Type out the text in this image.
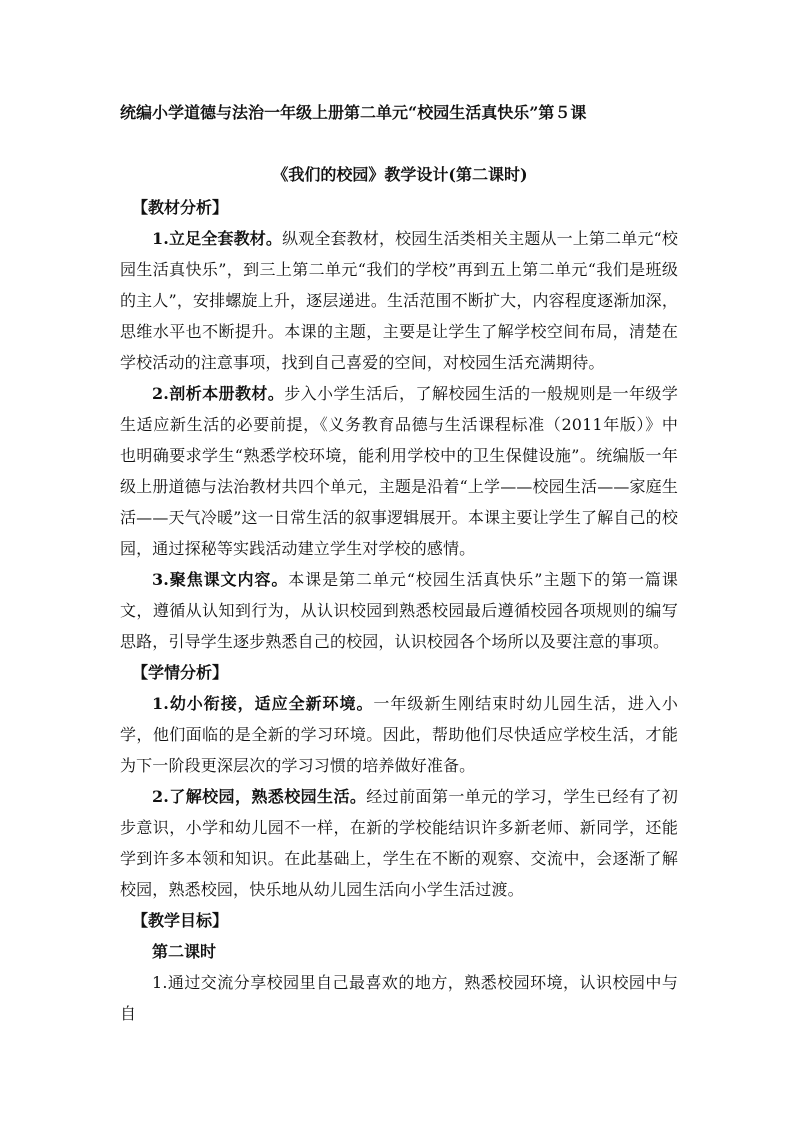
统编小学道德与法治一年级上册第二单元“校园生活真快乐”第５课
《我们的校园》教学设计(第二课时)

【教材分析】

1.立足全套教材。纵观全套教材，校园生活类相关主题从一上第二单元“校园生活真快乐”，到三上第二单元“我们的学校”再到五上第二单元“我们是班级的主人”，安排螺旋上升，逐层递进。生活范围不断扩大，内容程度逐渐加深，思维水平也不断提升。本课的主题，主要是让学生了解学校空间布局，清楚在学校活动的注意事项，找到自己喜爱的空间，对校园生活充满期待。

2.剖析本册教材。步入小学生活后，了解校园生活的一般规则是一年级学生适应新生活的必要前提，《义务教育品德与生活课程标准（2011年版）》中也明确要求学生“熟悉学校环境，能利用学校中的卫生保健设施”。统编版一年级上册道德与法治教材共四个单元，主题是沿着“上学——校园生活——家庭生活——天气冷暖”这一日常生活的叙事逻辑展开。本课主要让学生了解自己的校园，通过探秘等实践活动建立学生对学校的感情。

3.聚焦课文内容。本课是第二单元“校园生活真快乐”主题下的第一篇课文，遵循从认知到行为，从认识校园到熟悉校园最后遵循校园各项规则的编写思路，引导学生逐步熟悉自己的校园，认识校园各个场所以及要注意的事项。

【学情分析】

1.幼小衔接，适应全新环境。一年级新生刚结束时幼儿园生活，进入小学，他们面临的是全新的学习环境。因此，帮助他们尽快适应学校生活，才能为下一阶段更深层次的学习习惯的培养做好准备。

2.了解校园，熟悉校园生活。经过前面第一单元的学习，学生已经有了初步意识，小学和幼儿园不一样，在新的学校能结识许多新老师、新同学，还能学到许多本领和知识。在此基础上，学生在不断的观察、交流中，会逐渐了解校园，熟悉校园，快乐地从幼儿园生活向小学生活过渡。

【教学目标】

第二课时

1.通过交流分享校园里自己最喜欢的地方，熟悉校园环境，认识校园中与自
